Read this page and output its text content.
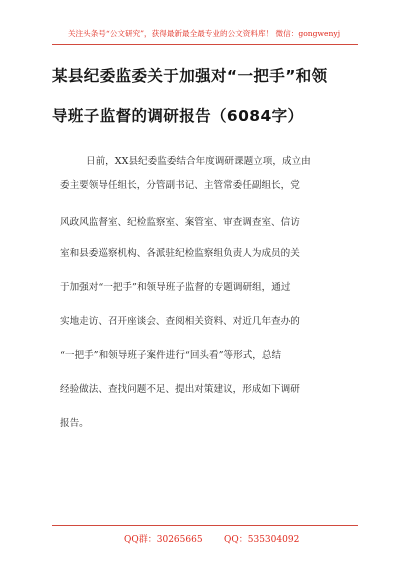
关注头条号“公文研究”，获得最新最全最专业的公文资料库！ 微信：gongwenyj
某县纪委监委关于加强对“一把手”和领
导班子监督的调研报告（6084字）
日前，XX县纪委监委结合年度调研课题立项，成立由
委主要领导任组长，分管副书记、主管常委任副组长，党
风政风监督室、纪检监察室、案管室、审查调查室、信访
室和县委巡察机构、各派驻纪检监察组负责人为成员的关
于加强对“一把手”和领导班子监督的专题调研组，通过
实地走访、召开座谈会、查阅相关资料、对近几年查办的
“一把手”和领导班子案件进行“回头看”等形式，总结
经验做法、查找问题不足、提出对策建议，形成如下调研
报告。
QQ群：30265665 QQ：535304092
